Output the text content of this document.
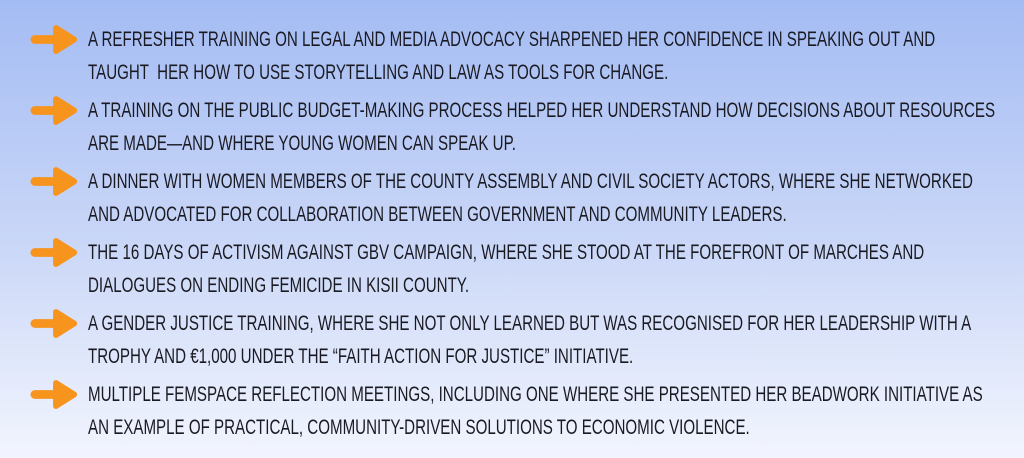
A REFRESHER TRAINING ON LEGAL AND MEDIA ADVOCACY SHARPENED HER CONFIDENCE IN SPEAKING OUT AND
TAUGHT  HER HOW TO USE STORYTELLING AND LAW AS TOOLS FOR CHANGE.
A TRAINING ON THE PUBLIC BUDGET-MAKING PROCESS HELPED HER UNDERSTAND HOW DECISIONS ABOUT RESOURCES
ARE MADE—AND WHERE YOUNG WOMEN CAN SPEAK UP.
A DINNER WITH WOMEN MEMBERS OF THE COUNTY ASSEMBLY AND CIVIL SOCIETY ACTORS, WHERE SHE NETWORKED
AND ADVOCATED FOR COLLABORATION BETWEEN GOVERNMENT AND COMMUNITY LEADERS.
THE 16 DAYS OF ACTIVISM AGAINST GBV CAMPAIGN, WHERE SHE STOOD AT THE FOREFRONT OF MARCHES AND
DIALOGUES ON ENDING FEMICIDE IN KISII COUNTY.
A GENDER JUSTICE TRAINING, WHERE SHE NOT ONLY LEARNED BUT WAS RECOGNISED FOR HER LEADERSHIP WITH A
TROPHY AND €1,000 UNDER THE “FAITH ACTION FOR JUSTICE” INITIATIVE.
MULTIPLE FEMSPACE REFLECTION MEETINGS, INCLUDING ONE WHERE SHE PRESENTED HER BEADWORK INITIATIVE AS
AN EXAMPLE OF PRACTICAL, COMMUNITY-DRIVEN SOLUTIONS TO ECONOMIC VIOLENCE.
